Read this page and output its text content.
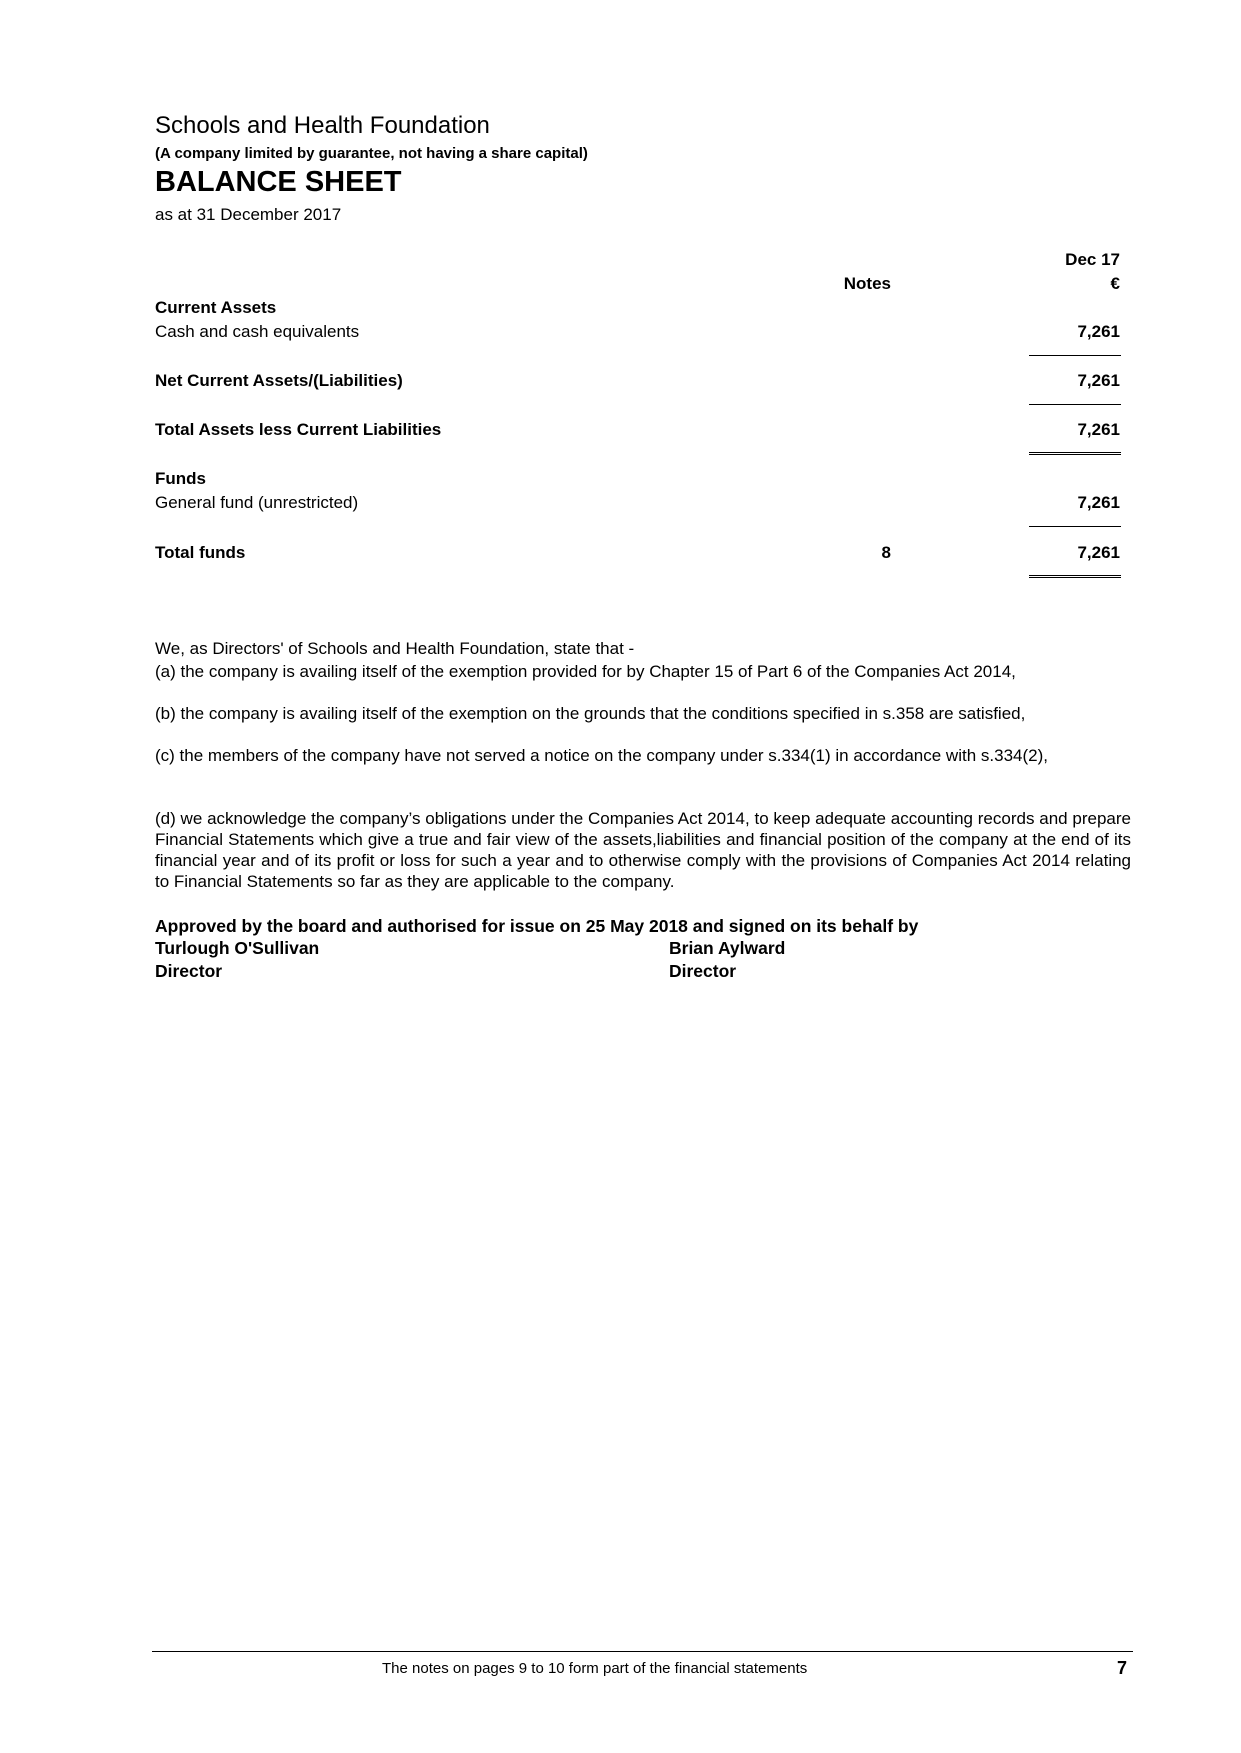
Schools and Health Foundation
(A company limited by guarantee, not having a share capital)
BALANCE SHEET
as at 31 December 2017
Dec 17
Notes	€
Current Assets
Cash and cash equivalents	7,261
Net Current Assets/(Liabilities)	7,261
Total Assets less Current Liabilities	7,261
Funds
General fund (unrestricted)	7,261
Total funds	8	7,261
We, as Directors' of Schools and Health Foundation, state that -
(a) the company is availing itself of the exemption provided for by Chapter 15 of Part 6 of the Companies Act 2014,
(b) the company is availing itself of the exemption on the grounds that the conditions specified in s.358 are satisfied,
(c) the members of the company have not served a notice on the company under s.334(1) in accordance with s.334(2),
(d) we acknowledge the company’s obligations under the Companies Act 2014, to keep adequate accounting records and prepare Financial Statements which give a true and fair view of the assets,liabilities and financial position of the company at the end of its financial year and of its profit or loss for such a year and to otherwise comply with the provisions of Companies Act 2014 relating to Financial Statements so far as they are applicable to the company.
Approved by the board and authorised for issue on 25 May 2018 and signed on its behalf by
Turlough O'Sullivan
Director
Brian Aylward
Director
The notes on pages 9 to 10 form part of the financial statements	7
